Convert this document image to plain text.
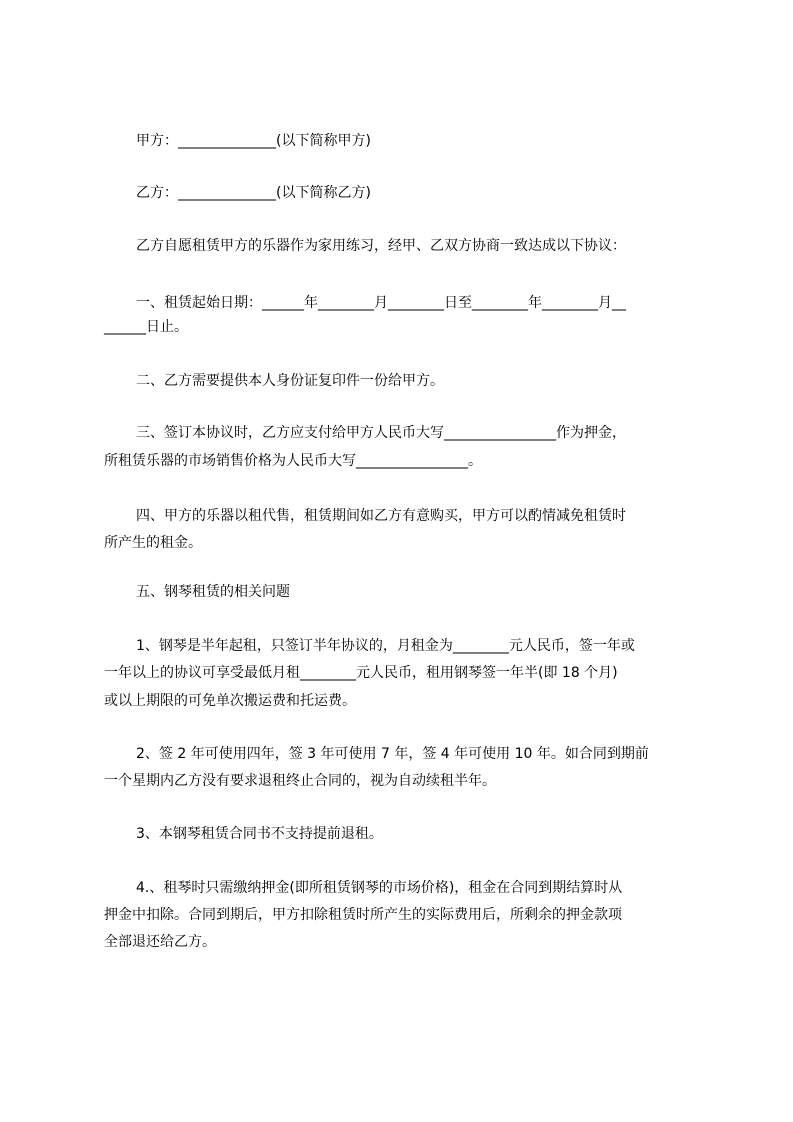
甲方：______________(以下简称甲方)

乙方：______________(以下简称乙方)

乙方自愿租赁甲方的乐器作为家用练习，经甲、乙双方协商一致达成以下协议：

一、租赁起始日期：______年________月________日至________年________月__

______日止。

二、乙方需要提供本人身份证复印件一份给甲方。

三、签订本协议时，乙方应支付给甲方人民币大写________________作为押金，

所租赁乐器的市场销售价格为人民币大写________________。

四、甲方的乐器以租代售，租赁期间如乙方有意购买，甲方可以酌情减免租赁时

所产生的租金。

五、钢琴租赁的相关问题

1、钢琴是半年起租，只签订半年协议的，月租金为________元人民币，签一年或

一年以上的协议可享受最低月租________元人民币，租用钢琴签一年半(即 18 个月)

或以上期限的可免单次搬运费和托运费。

2、签 2 年可使用四年，签 3 年可使用 7 年，签 4 年可使用 10 年。如合同到期前

一个星期内乙方没有要求退租终止合同的，视为自动续租半年。

3、本钢琴租赁合同书不支持提前退租。

4.、租琴时只需缴纳押金(即所租赁钢琴的市场价格)，租金在合同到期结算时从

押金中扣除。合同到期后，甲方扣除租赁时所产生的实际费用后，所剩余的押金款项

全部退还给乙方。
